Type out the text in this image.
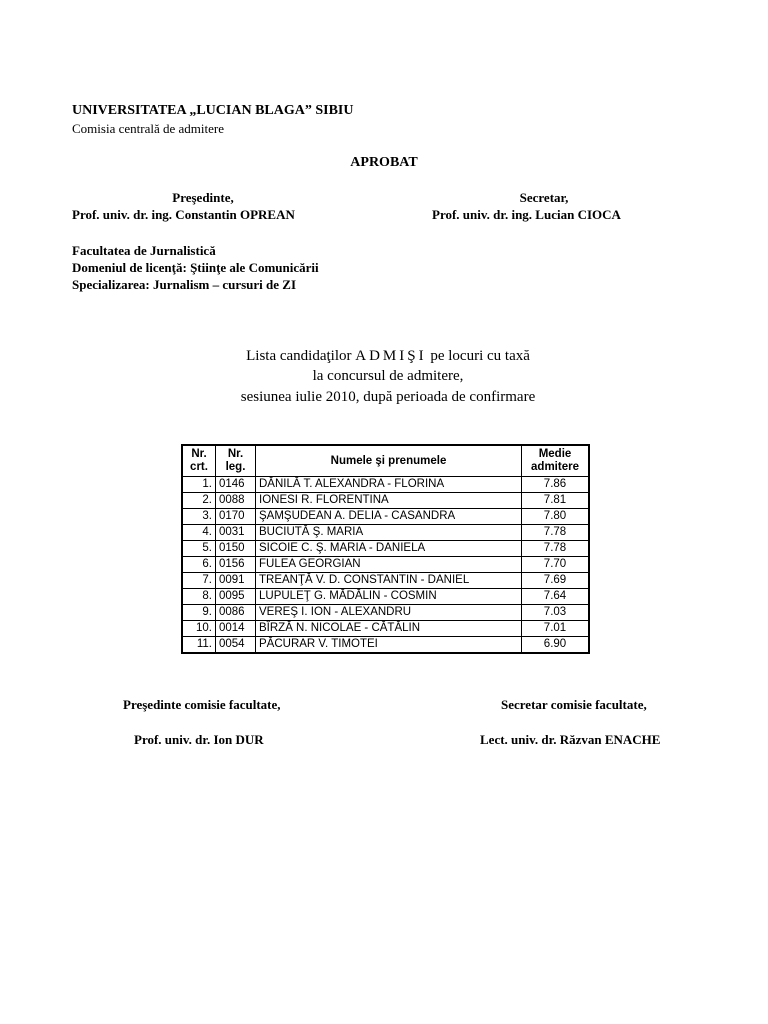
UNIVERSITATEA „LUCIAN BLAGA” SIBIU
Comisia centrală de admitere
APROBAT
Preşedinte,
Prof. univ. dr. ing. Constantin OPREAN
Secretar,
Prof. univ. dr. ing. Lucian CIOCA
Facultatea de Jurnalistică
Domeniul de licenţă: Ştiinţe ale Comunicării
Specializarea: Jurnalism – cursuri de ZI
Lista candidaţilor ADMIŞI pe locuri cu taxă
la concursul de admitere,
sesiunea iulie 2010, după perioada de confirmare
Nr. crt.	Nr. leg.	Numele şi prenumele	Medie admitere
1.	0146	DĂNILĂ T. ALEXANDRA - FLORINA	7.86
2.	0088	IONESI R. FLORENTINA	7.81
3.	0170	ŞAMŞUDEAN A. DELIA - CASANDRA	7.80
4.	0031	BUCIUTĂ Ş. MARIA	7.78
5.	0150	SICOIE C. Ş. MARIA - DANIELA	7.78
6.	0156	FULEA GEORGIAN	7.70
7.	0091	TREANŢĂ V. D. CONSTANTIN - DANIEL	7.69
8.	0095	LUPULEŢ G. MĂDĂLIN - COSMIN	7.64
9.	0086	VEREŞ I. ION - ALEXANDRU	7.03
10.	0014	BÎRZĂ N. NICOLAE - CĂTĂLIN	7.01
11.	0054	PĂCURAR V. TIMOTEI	6.90
Preşedinte comisie facultate,	Secretar comisie facultate,
Prof. univ. dr. Ion DUR	Lect. univ. dr. Răzvan ENACHE
